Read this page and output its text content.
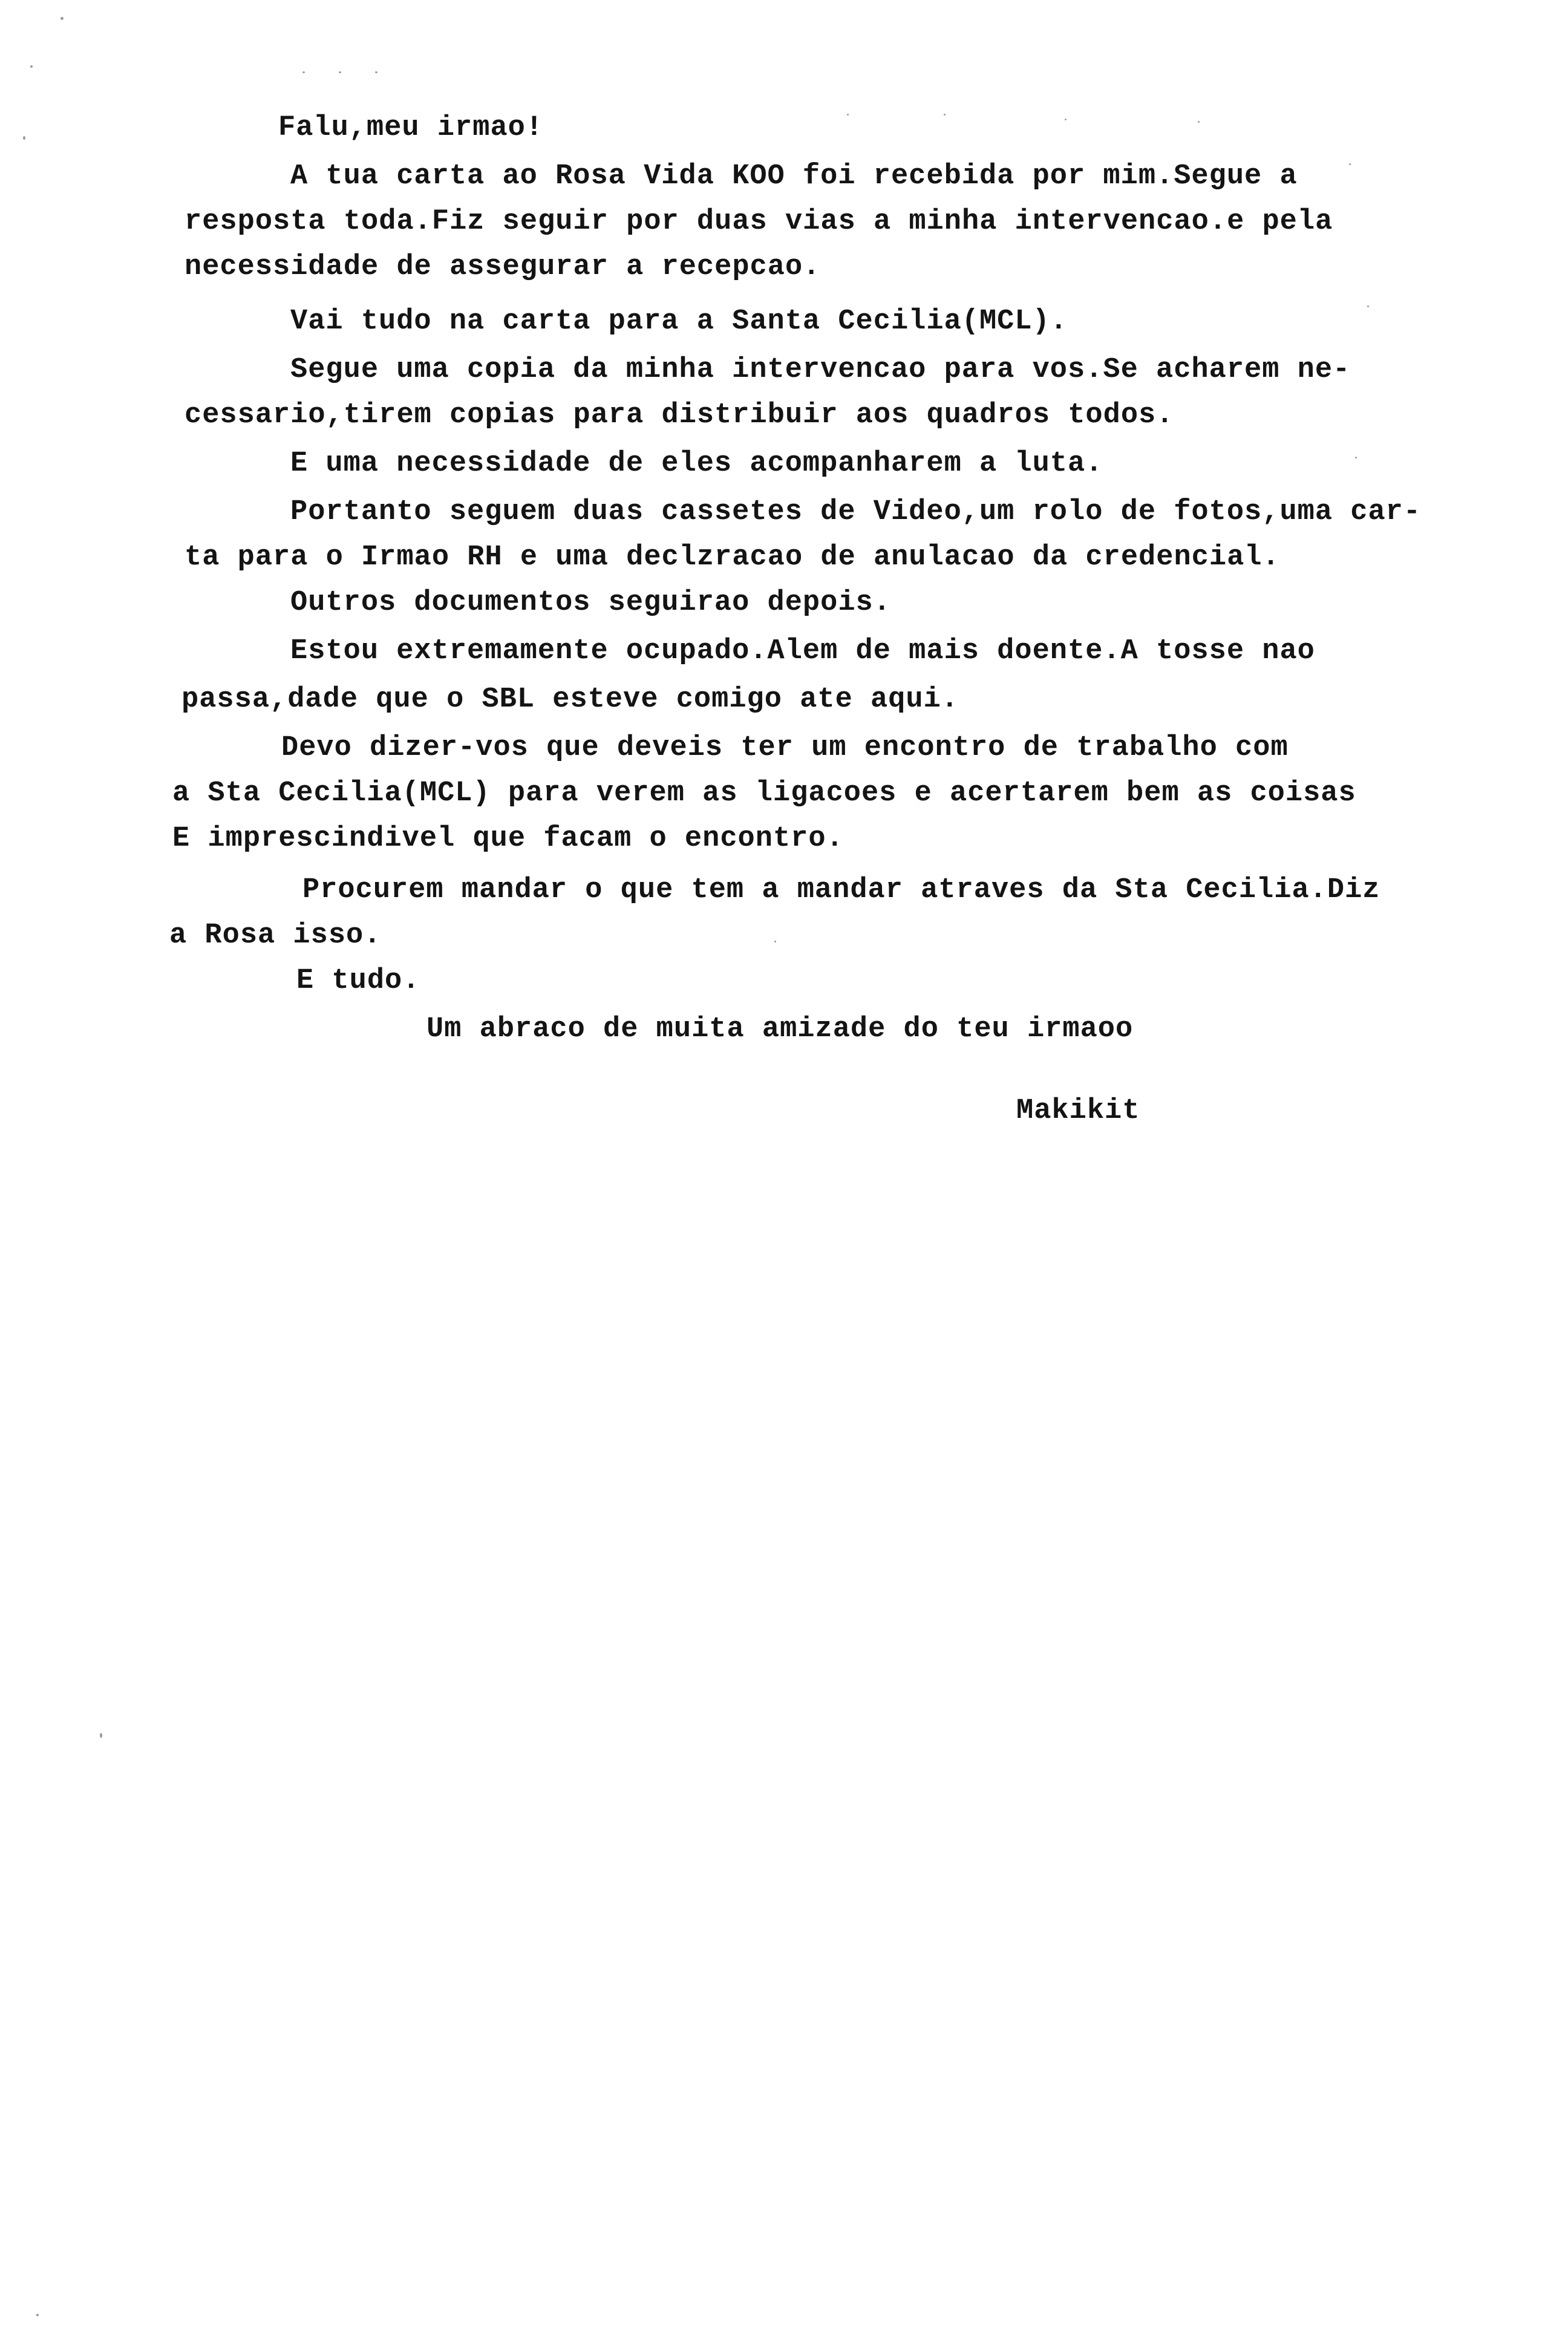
Falu,meu irmao!
A tua carta ao Rosa Vida KOO foi recebida por mim.Segue a
resposta toda.Fiz seguir por duas vias a minha intervencao.e pela
necessidade de assegurar a recepcao.
Vai tudo na carta para a Santa Cecilia(MCL).
Segue uma copia da minha intervencao para vos.Se acharem ne-
cessario,tirem copias para distribuir aos quadros todos.
E uma necessidade de eles acompanharem a luta.
Portanto seguem duas cassetes de Video,um rolo de fotos,uma car-
ta para o Irmao RH e uma declzracao de anulacao da credencial.
Outros documentos seguirao depois.
Estou extremamente ocupado.Alem de mais doente.A tosse nao
passa,dade que o SBL esteve comigo ate aqui.
Devo dizer-vos que deveis ter um encontro de trabalho com
a Sta Cecilia(MCL) para verem as ligacoes e acertarem bem as coisas
E imprescindivel que facam o encontro.
Procurem mandar o que tem a mandar atraves da Sta Cecilia.Diz
a Rosa isso.
E tudo.
Um abraco de muita amizade do teu irmaoo
Makikit
